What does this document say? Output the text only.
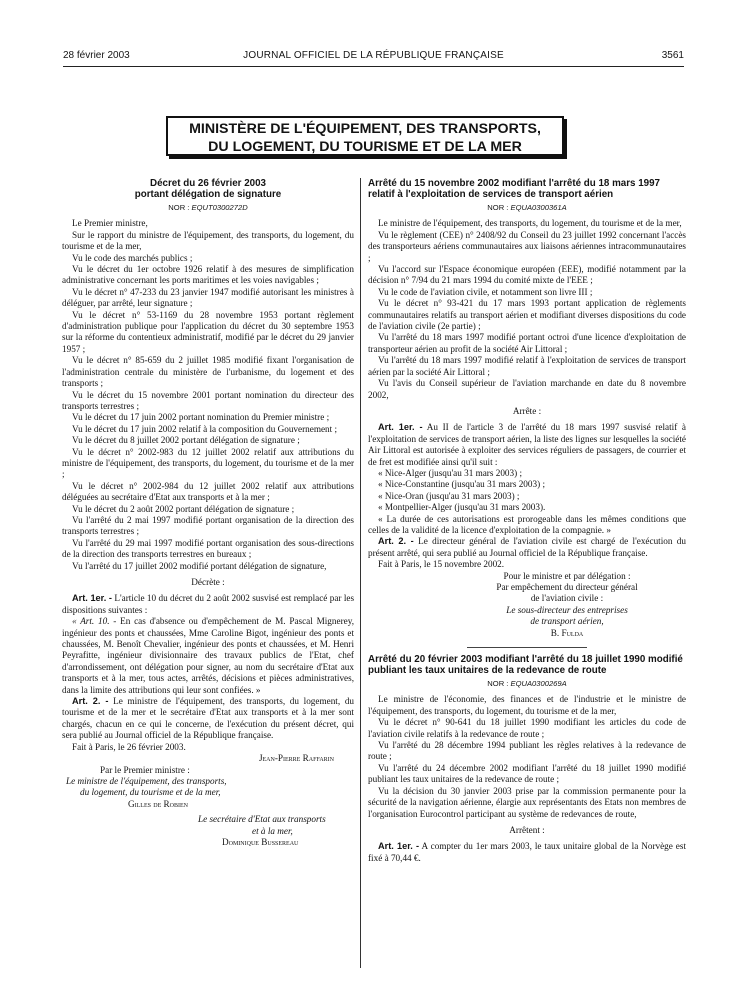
28 février 2003	JOURNAL OFFICIEL DE LA RÉPUBLIQUE FRANÇAISE	3561
MINISTÈRE DE L'ÉQUIPEMENT, DES TRANSPORTS,
DU LOGEMENT, DU TOURISME ET DE LA MER
Décret du 26 février 2003
portant délégation de signature
NOR : EQUT0300272D

Le Premier ministre,

Sur le rapport du ministre de l'équipement, des transports, du logement, du tourisme et de la mer,

Vu le code des marchés publics ;

Vu le décret du 1er octobre 1926 relatif à des mesures de simplification administrative concernant les ports maritimes et les voies navigables ;

Vu le décret n° 47-233 du 23 janvier 1947 modifié autorisant les ministres à déléguer, par arrêté, leur signature ;

Vu le décret n° 53-1169 du 28 novembre 1953 portant règlement d'administration publique pour l'application du décret du 30 septembre 1953 sur la réforme du contentieux administratif, modifié par le décret du 29 janvier 1957 ;

Vu le décret n° 85-659 du 2 juillet 1985 modifié fixant l'organisation de l'administration centrale du ministère de l'urbanisme, du logement et des transports ;

Vu le décret du 15 novembre 2001 portant nomination du directeur des transports terrestres ;

Vu le décret du 17 juin 2002 portant nomination du Premier ministre ;

Vu le décret du 17 juin 2002 relatif à la composition du Gouvernement ;

Vu le décret du 8 juillet 2002 portant délégation de signature ;

Vu le décret n° 2002-983 du 12 juillet 2002 relatif aux attributions du ministre de l'équipement, des transports, du logement, du tourisme et de la mer ;

Vu le décret n° 2002-984 du 12 juillet 2002 relatif aux attributions déléguées au secrétaire d'Etat aux transports et à la mer ;

Vu le décret du 2 août 2002 portant délégation de signature ;

Vu l'arrêté du 2 mai 1997 modifié portant organisation de la direction des transports terrestres ;

Vu l'arrêté du 29 mai 1997 modifié portant organisation des sous-directions de la direction des transports terrestres en bureaux ;

Vu l'arrêté du 17 juillet 2002 modifié portant délégation de signature,

Décrète :

Art. 1er. - L'article 10 du décret du 2 août 2002 susvisé est remplacé par les dispositions suivantes :

« Art. 10. - En cas d'absence ou d'empêchement de M. Pascal Mignerey, ingénieur des ponts et chaussées, Mme Caroline Bigot, ingénieur des ponts et chaussées, M. Benoît Chevalier, ingénieur des ponts et chaussées, et M. Henri Peyrafitte, ingénieur divisionnaire des travaux publics de l'Etat, chef d'arrondissement, ont délégation pour signer, au nom du secrétaire d'Etat aux transports et à la mer, tous actes, arrêtés, décisions et pièces administratives, dans la limite des attributions qui leur sont confiées. »

Art. 2. - Le ministre de l'équipement, des transports, du logement, du tourisme et de la mer et le secrétaire d'Etat aux transports et à la mer sont chargés, chacun en ce qui le concerne, de l'exécution du présent décret, qui sera publié au Journal officiel de la République française.

Fait à Paris, le 26 février 2003.

Jean-Pierre Raffarin

Par le Premier ministre :

Le ministre de l'équipement, des transports,
du logement, du tourisme et de la mer,
Gilles de Robien
Le secrétaire d'Etat aux transports
et à la mer,
Dominique Bussereau
Arrêté du 15 novembre 2002 modifiant l'arrêté du 18 mars 1997 relatif à l'exploitation de services de transport aérien
NOR : EQUA0300361A

Le ministre de l'équipement, des transports, du logement, du tourisme et de la mer,

Vu le règlement (CEE) n° 2408/92 du Conseil du 23 juillet 1992 concernant l'accès des transporteurs aériens communautaires aux liaisons aériennes intracommunautaires ;

Vu l'accord sur l'Espace économique européen (EEE), modifié notamment par la décision n° 7/94 du 21 mars 1994 du comité mixte de l'EEE ;

Vu le code de l'aviation civile, et notamment son livre III ;

Vu le décret n° 93-421 du 17 mars 1993 portant application de règlements communautaires relatifs au transport aérien et modifiant diverses dispositions du code de l'aviation civile (2e partie) ;

Vu l'arrêté du 18 mars 1997 modifié portant octroi d'une licence d'exploitation de transporteur aérien au profit de la société Air Littoral ;

Vu l'arrêté du 18 mars 1997 modifié relatif à l'exploitation de services de transport aérien par la société Air Littoral ;

Vu l'avis du Conseil supérieur de l'aviation marchande en date du 8 novembre 2002,

Arrête :

Art. 1er. - Au II de l'article 3 de l'arrêté du 18 mars 1997 susvisé relatif à l'exploitation de services de transport aérien, la liste des lignes sur lesquelles la société Air Littoral est autorisée à exploiter des services réguliers de passagers, de courrier et de fret est modifiée ainsi qu'il suit :

« Nice-Alger (jusqu'au 31 mars 2003) ;

« Nice-Constantine (jusqu'au 31 mars 2003) ;

« Nice-Oran (jusqu'au 31 mars 2003) ;

« Montpellier-Alger (jusqu'au 31 mars 2003).

« La durée de ces autorisations est prorogeable dans les mêmes conditions que celles de la validité de la licence d'exploitation de la compagnie. »

Art. 2. - Le directeur général de l'aviation civile est chargé de l'exécution du présent arrêté, qui sera publié au Journal officiel de la République française.

Fait à Paris, le 15 novembre 2002.

Pour le ministre et par délégation :
Par empêchement du directeur général
de l'aviation civile :
Le sous-directeur des entreprises
de transport aérien,
B. Fulda
Arrêté du 20 février 2003 modifiant l'arrêté du 18 juillet 1990 modifié publiant les taux unitaires de la redevance de route
NOR : EQUA0300269A

Le ministre de l'économie, des finances et de l'industrie et le ministre de l'équipement, des transports, du logement, du tourisme et de la mer,

Vu le décret n° 90-641 du 18 juillet 1990 modifiant les articles du code de l'aviation civile relatifs à la redevance de route ;

Vu l'arrêté du 28 décembre 1994 publiant les règles relatives à la redevance de route ;

Vu l'arrêté du 24 décembre 2002 modifiant l'arrêté du 18 juillet 1990 modifié publiant les taux unitaires de la redevance de route ;

Vu la décision du 30 janvier 2003 prise par la commission permanente pour la sécurité de la navigation aérienne, élargie aux représentants des Etats non membres de l'organisation Eurocontrol participant au système de redevances de route,

Arrêtent :

Art. 1er. - A compter du 1er mars 2003, le taux unitaire global de la Norvège est fixé à 70,44 €.
